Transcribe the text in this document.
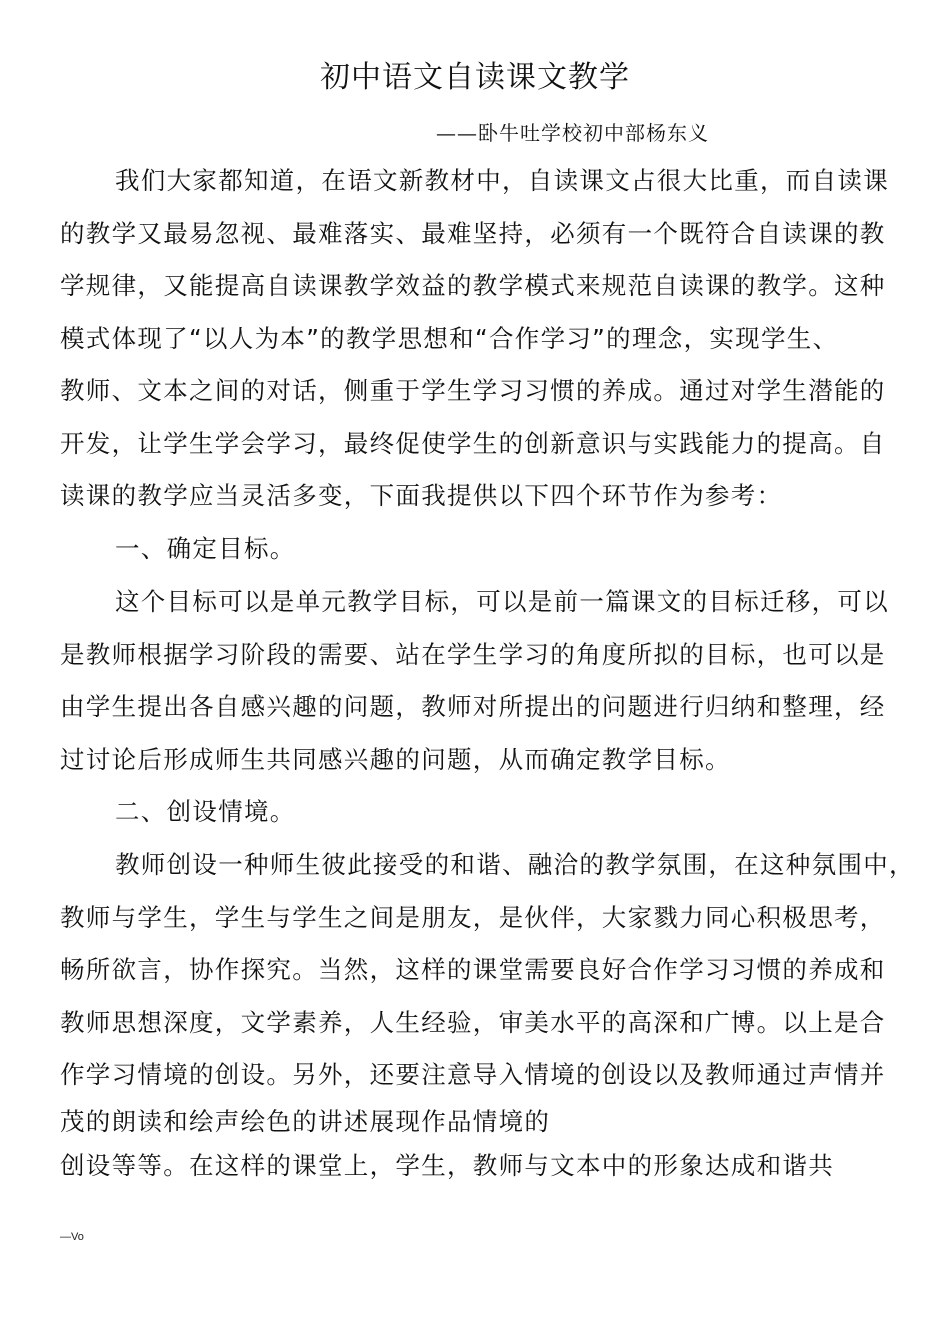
初中语文自读课文教学
——卧牛吐学校初中部杨东义

我们大家都知道，在语文新教材中，自读课文占很大比重，而自读课

的教学又最易忽视、最难落实、最难坚持，必须有一个既符合自读课的教
学规律，又能提高自读课教学效益的教学模式来规范自读课的教学。这种
模式体现了“以人为本”的教学思想和“合作学习”的理念，实现学生、
教师、文本之间的对话，侧重于学生学习习惯的养成。通过对学生潜能的
开发，让学生学会学习，最终促使学生的创新意识与实践能力的提高。自
读课的教学应当灵活多变，下面我提供以下四个环节作为参考：

一、确定目标。

这个目标可以是单元教学目标，可以是前一篇课文的目标迁移，可以

是教师根据学习阶段的需要、站在学生学习的角度所拟的目标，也可以是
由学生提出各自感兴趣的问题，教师对所提出的问题进行归纳和整理，经
过讨论后形成师生共同感兴趣的问题，从而确定教学目标。

二、创设情境。

教师创设一种师生彼此接受的和谐、融洽的教学氛围，在这种氛围中，

教师与学生，学生与学生之间是朋友，是伙伴，大家戮力同心积极思考，
畅所欲言，协作探究。当然，这样的课堂需要良好合作学习习惯的养成和
教师思想深度，文学素养，人生经验，审美水平的高深和广博。以上是合
作学习情境的创设。另外，还要注意导入情境的创设以及教师通过声情并
茂的朗读和绘声绘色的讲述展现作品情境的

创设等等。在这样的课堂上，学生，教师与文本中的形象达成和谐共
—Vo
